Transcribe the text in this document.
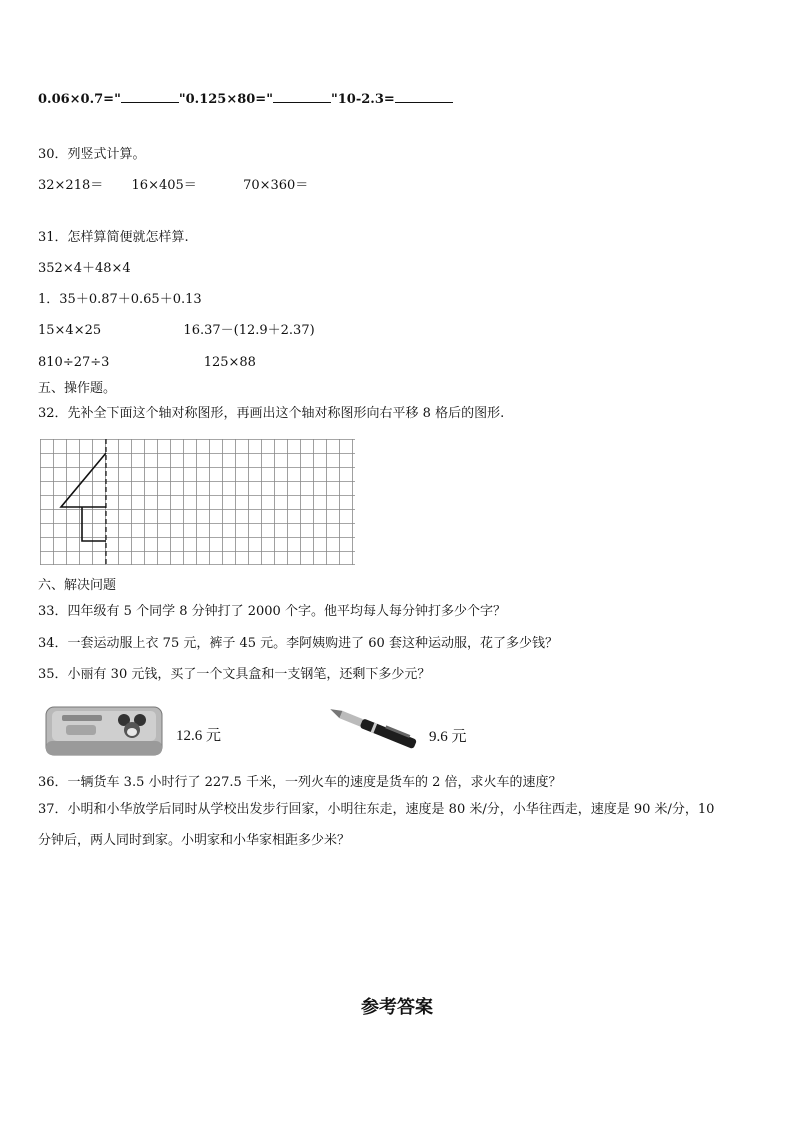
0.06×0.7="	"0.125×80="	"10-2.3=
30．列竖式计算。
32×218＝ 16×405＝	70×360＝
31．怎样算简便就怎样算.
352×4＋48×4
1．35＋0.87＋0.65＋0.13
15×4×25	16.37－(12.9＋2.37)
810÷27÷3	125×88
五、操作题。
32．先补全下面这个轴对称图形，再画出这个轴对称图形向右平移 8 格后的图形.
六、解决问题
33．四年级有 5 个同学 8 分钟打了 2000 个字。他平均每人每分钟打多少个字？
34．一套运动服上衣 75 元，裤子 45 元。李阿姨购进了 60 套这种运动服，花了多少钱？
35．小丽有 30 元钱，买了一个文具盒和一支钢笔，还剩下多少元？
12.6 元	9.6 元
36．一辆货车 3.5 小时行了 227.5 千米，一列火车的速度是货车的 2 倍，求火车的速度？
37．小明和小华放学后同时从学校出发步行回家，小明往东走，速度是 80 米/分，小华往西走，速度是 90 米/分，10
分钟后，两人同时到家。小明家和小华家相距多少米？
参考答案
